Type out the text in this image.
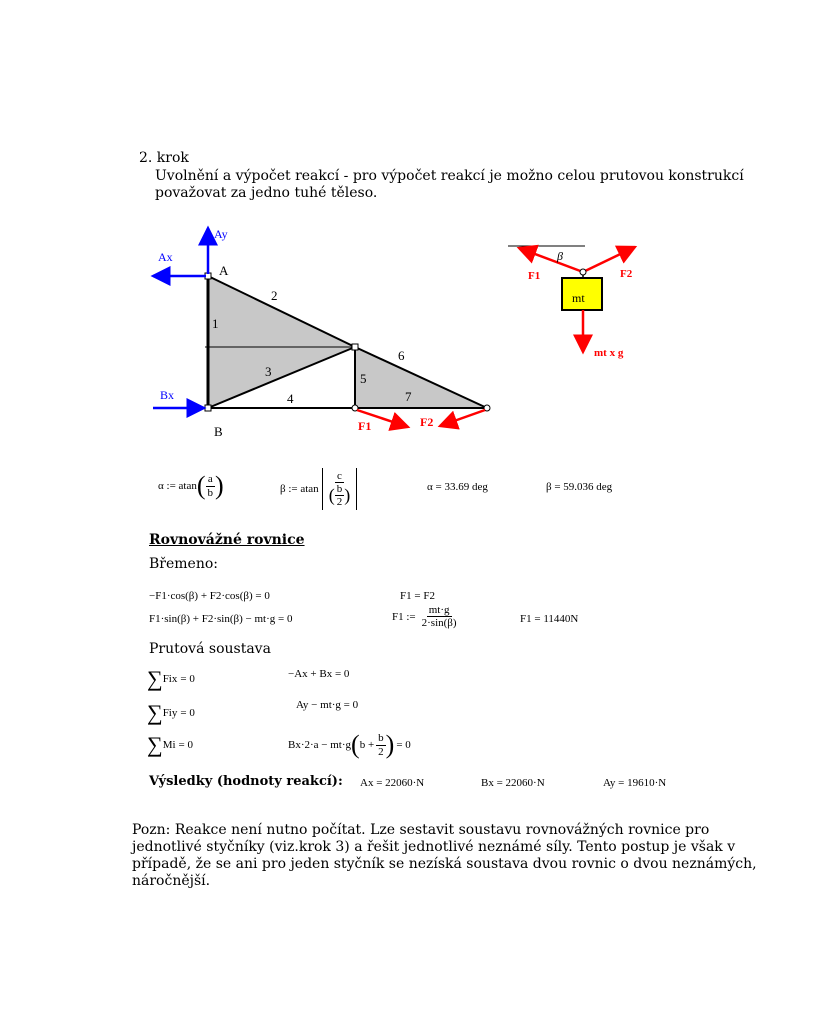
2. krok
Uvolnění a výpočet reakcí - pro výpočet reakcí je možno celou prutovou konstrukcí
považovat za jedno tuhé těleso.
Ay
Ax
Bx
A
B
1
2
3
4
5
6
7
F1	F2
β
F1	F2
mt
mt x g
α := atan ( $\frac{a}{b}$ )	β := atan $\frac{c}{( \frac{b}{2} )}$	α = 33.69 deg	β = 59.036 deg
Rovnovážné rovnice
Břemeno:
−F1·cos(β) + F2·cos(β) = 0	F1 = F2
F1·sin(β) + F2·sin(β) − mt·g = 0	F1 := $\frac{mt\cdot g}{2\cdot\sin(\beta)}$	F1 = 11440N
Prutová soustava
∑ Fix = 0	−Ax + Bx = 0
∑ Fiy = 0
Ay − mt·g = 0
∑ Mi = 0	Bx·2·a − mt·g ( $b + \frac{b}{2}$ ) = 0
Výsledky (hodnoty reakcí): Ax = 22060·N	Bx = 22060·N	Ay = 19610·N
Pozn: Reakce není nutno počítat. Lze sestavit soustavu rovnovážných rovnice pro
jednotlivé styčníky (viz.krok 3) a řešit jednotlivé neznámé síly. Tento postup je však v
případě, že se ani pro jeden styčník se nezíská soustava dvou rovnic o dvou neznámých,
náročnější.
